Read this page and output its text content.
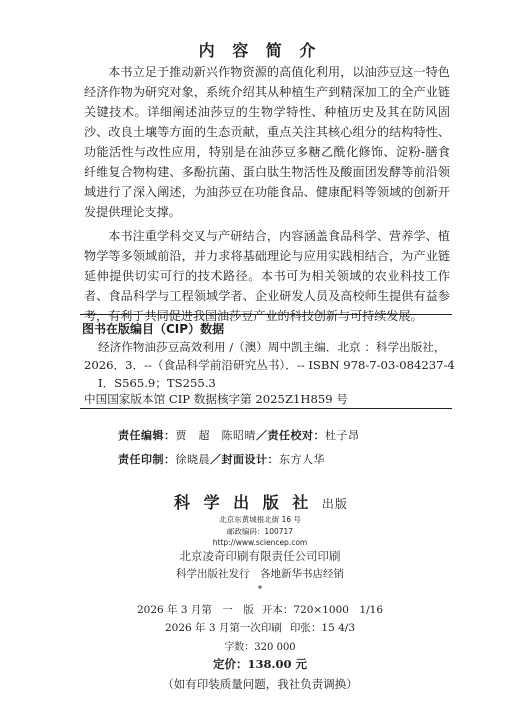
内 容 简 介

本书立足于推动新兴作物资源的高值化利用，以油莎豆这一特色经济作物为研究对象，系统介绍其从种植生产到精深加工的全产业链关键技术。详细阐述油莎豆的生物学特性、种植历史及其在防风固沙、改良土壤等方面的生态贡献，重点关注其核心组分的结构特性、功能活性与改性应用，特别是在油莎豆多糖乙酰化修饰、淀粉-膳食纤维复合物构建、多酚抗菌、蛋白肽生物活性及酸面团发酵等前沿领域进行了深入阐述，为油莎豆在功能食品、健康配料等领域的创新开发提供理论支撑。

本书注重学科交叉与产研结合，内容涵盖食品科学、营养学、植物学等多领域前沿，并力求将基础理论与应用实践相结合，为产业链延伸提供切实可行的技术路径。本书可为相关领域的农业科技工作者、食品科学与工程领域学者、企业研发人员及高校师生提供有益参考，有利于共同促进我国油莎豆产业的科技创新与可持续发展。

图书在版编目（CIP）数据
经济作物油莎豆高效利用 /（澳）周中凯主编．北京 ：科学出版社，
2026．3．--（食品科学前沿研究丛书）．-- ISBN 978-7-03-084237-4
Ⅰ．S565.9；TS255.3
中国国家版本馆 CIP 数据核字第 2025Z1H859 号
责任编辑：贾　超　陈昭晴／责任校对：杜子昂
责任印制：徐晓晨／封面设计：东方人华
科 学 出 版 社 出版
北京东黄城根北街 16 号
邮政编码：100717
http://www.sciencep.com
北京凌奇印刷有限责任公司印刷
科学出版社发行　各地新华书店经销
*
2026 年 3 月第　一　版 开本：720×1000　1/16
2026 年 3 月第一次印刷 印张：15 4/3
字数：320 000
定价：138.00 元
（如有印装质量问题，我社负责调换）
